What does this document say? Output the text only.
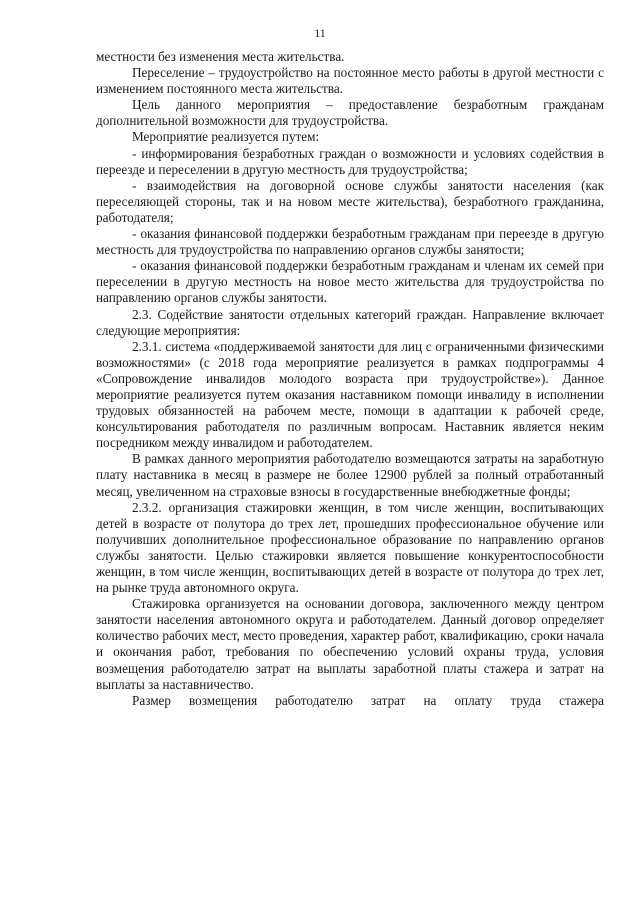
11

местности без изменения места жительства.

Переселение – трудоустройство на постоянное место работы в другой местности с изменением постоянного места жительства.

Цель данного мероприятия – предоставление безработным гражданам дополнительной возможности для трудоустройства.

Мероприятие реализуется путем:

- информирования безработных граждан о возможности и условиях содействия в переезде и переселении в другую местность для трудоустройства;

- взаимодействия на договорной основе службы занятости населения (как переселяющей стороны, так и на новом месте жительства), безработного гражданина, работодателя;

- оказания финансовой поддержки безработным гражданам при переезде в другую местность для трудоустройства по направлению органов службы занятости;

- оказания финансовой поддержки безработным гражданам и членам их семей при переселении в другую местность на новое место жительства для трудоустройства по направлению органов службы занятости.

2.3. Содействие занятости отдельных категорий граждан. Направление включает следующие мероприятия:

2.3.1. система «поддерживаемой занятости для лиц с ограниченными физическими возможностями» (с 2018 года мероприятие реализуется в рамках подпрограммы 4 «Сопровождение инвалидов молодого возраста при трудоустройстве»). Данное мероприятие реализуется путем оказания наставником помощи инвалиду в исполнении трудовых обязанностей на рабочем месте, помощи в адаптации к рабочей среде, консультирования работодателя по различным вопросам. Наставник является неким посредником между инвалидом и работодателем.

В рамках данного мероприятия работодателю возмещаются затраты на заработную плату наставника в месяц в размере не более 12900 рублей за полный отработанный месяц, увеличенном на страховые взносы в государственные внебюджетные фонды;

2.3.2. организация стажировки женщин, в том числе женщин, воспитывающих детей в возрасте от полутора до трех лет, прошедших профессиональное обучение или получивших дополнительное профессиональное образование по направлению органов службы занятости. Целью стажировки является повышение конкурентоспособности женщин, в том числе женщин, воспитывающих детей в возрасте от полутора до трех лет, на рынке труда автономного округа.

Стажировка организуется на основании договора, заключенного между центром занятости населения автономного округа и работодателем. Данный договор определяет количество рабочих мест, место проведения, характер работ, квалификацию, сроки начала и окончания работ, требования по обеспечению условий охраны труда, условия возмещения работодателю затрат на выплаты заработной платы стажера и затрат на выплаты за наставничество.

Размер возмещения работодателю затрат на оплату труда стажера
